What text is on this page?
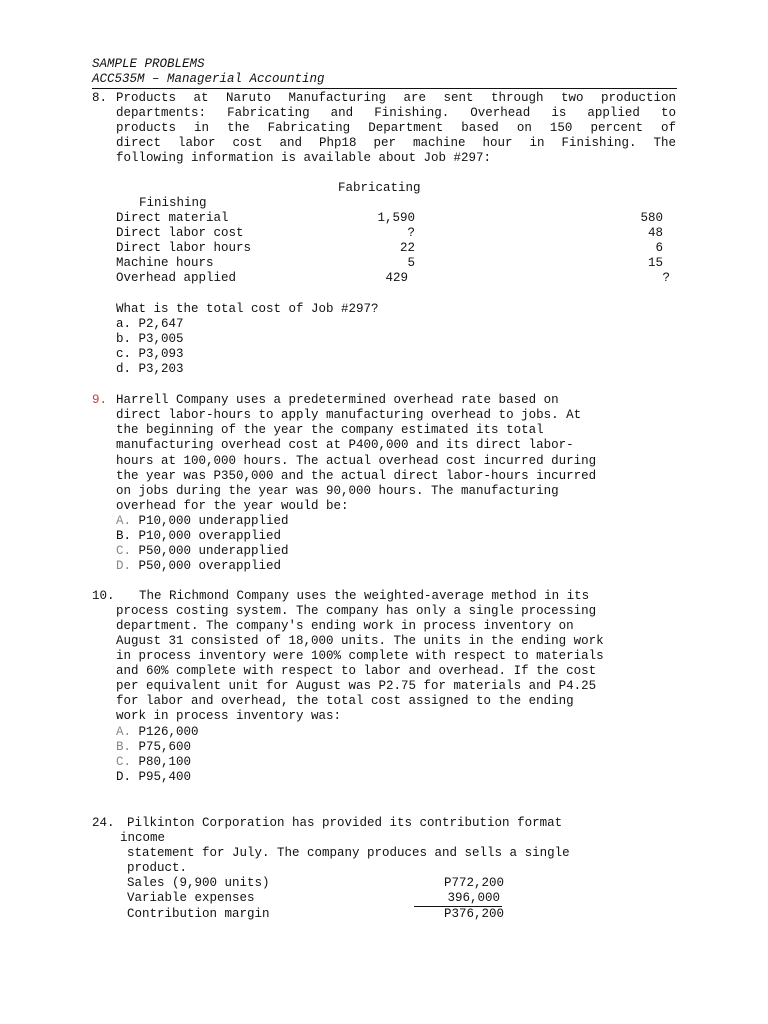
SAMPLE PROBLEMS
ACC535M – Managerial Accounting
8. Products at Naruto Manufacturing are sent through two production
departments: Fabricating and Finishing. Overhead is applied to
products in the Fabricating Department based on 150 percent of
direct labor cost and Php18 per machine hour in Finishing. The
following information is available about Job #297:
Fabricating
Finishing
Direct material	1,590	580
Direct labor cost	?	48
Direct labor hours	22	6
Machine hours	5	15
Overhead applied	429	?
What is the total cost of Job #297?
a. P2,647
b. P3,005
c. P3,093
d. P3,203
9. Harrell Company uses a predetermined overhead rate based on
direct labor-hours to apply manufacturing overhead to jobs. At
the beginning of the year the company estimated its total
manufacturing overhead cost at P400,000 and its direct labor-
hours at 100,000 hours. The actual overhead cost incurred during
the year was P350,000 and the actual direct labor-hours incurred
on jobs during the year was 90,000 hours. The manufacturing
overhead for the year would be:
A. P10,000 underapplied
B. P10,000 overapplied
C. P50,000 underapplied
D. P50,000 overapplied
10. The Richmond Company uses the weighted-average method in its
process costing system. The company has only a single processing
department. The company's ending work in process inventory on
August 31 consisted of 18,000 units. The units in the ending work
in process inventory were 100% complete with respect to materials
and 60% complete with respect to labor and overhead. If the cost
per equivalent unit for August was P2.75 for materials and P4.25
for labor and overhead, the total cost assigned to the ending
work in process inventory was:
A. P126,000
B. P75,600
C. P80,100
D. P95,400
24. Pilkinton Corporation has provided its contribution format
income
statement for July. The company produces and sells a single
product.
Sales (9,900 units)	P772,200
Variable expenses	396,000
Contribution margin	P376,200
